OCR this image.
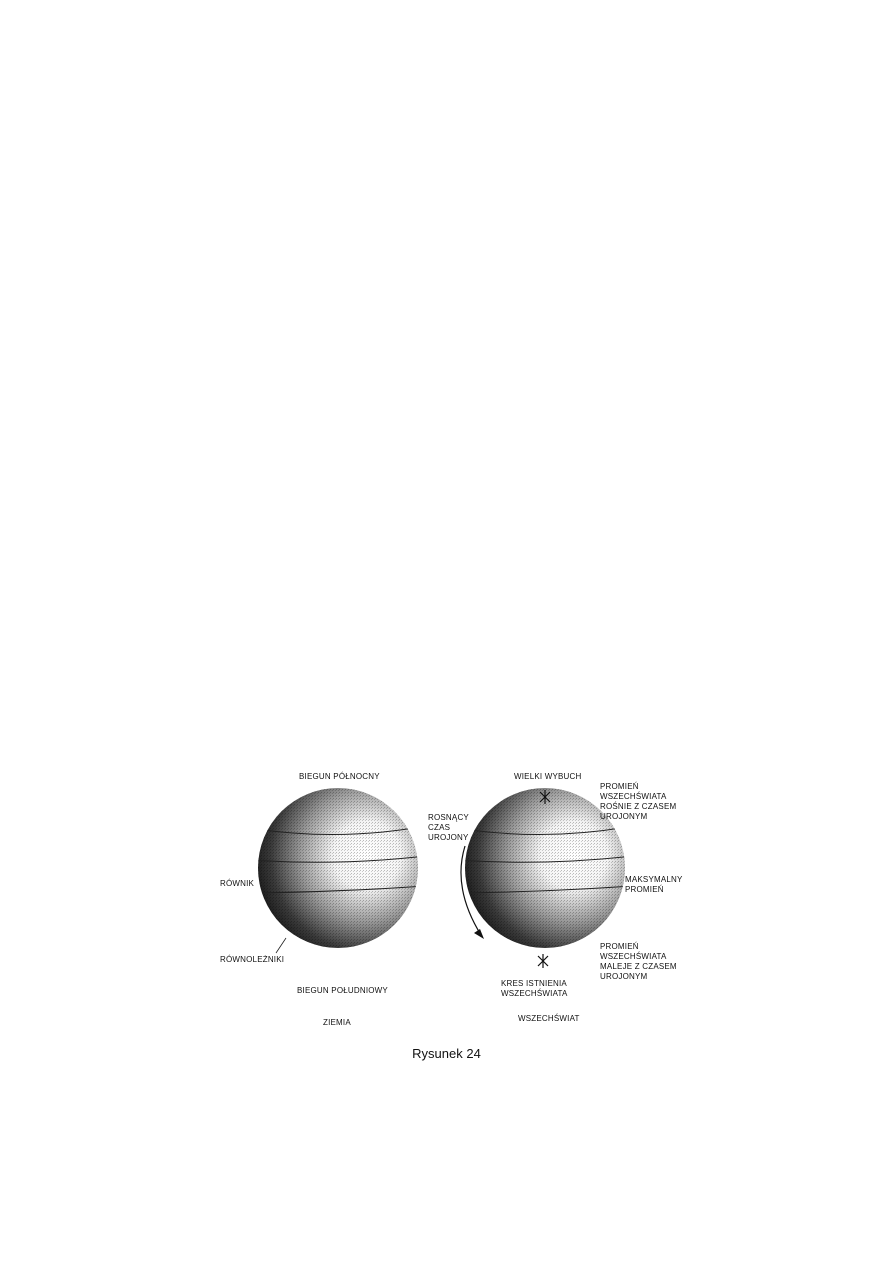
BIEGUN PÓŁNOCNY
RÓWNIK
RÓWNOLEŻNIKI
BIEGUN POŁUDNIOWY
ZIEMIA
WIELKI WYBUCH
ROSNĄCY
CZAS
UROJONY
PROMIEŃ
WSZECHŚWIATA
ROŚNIE Z CZASEM
UROJONYM
MAKSYMALNY
PROMIEŃ
PROMIEŃ
WSZECHŚWIATA
MALEJE Z CZASEM
UROJONYM
KRES ISTNIENIA
WSZECHŚWIATA
WSZECHŚWIAT
Rysunek 24
